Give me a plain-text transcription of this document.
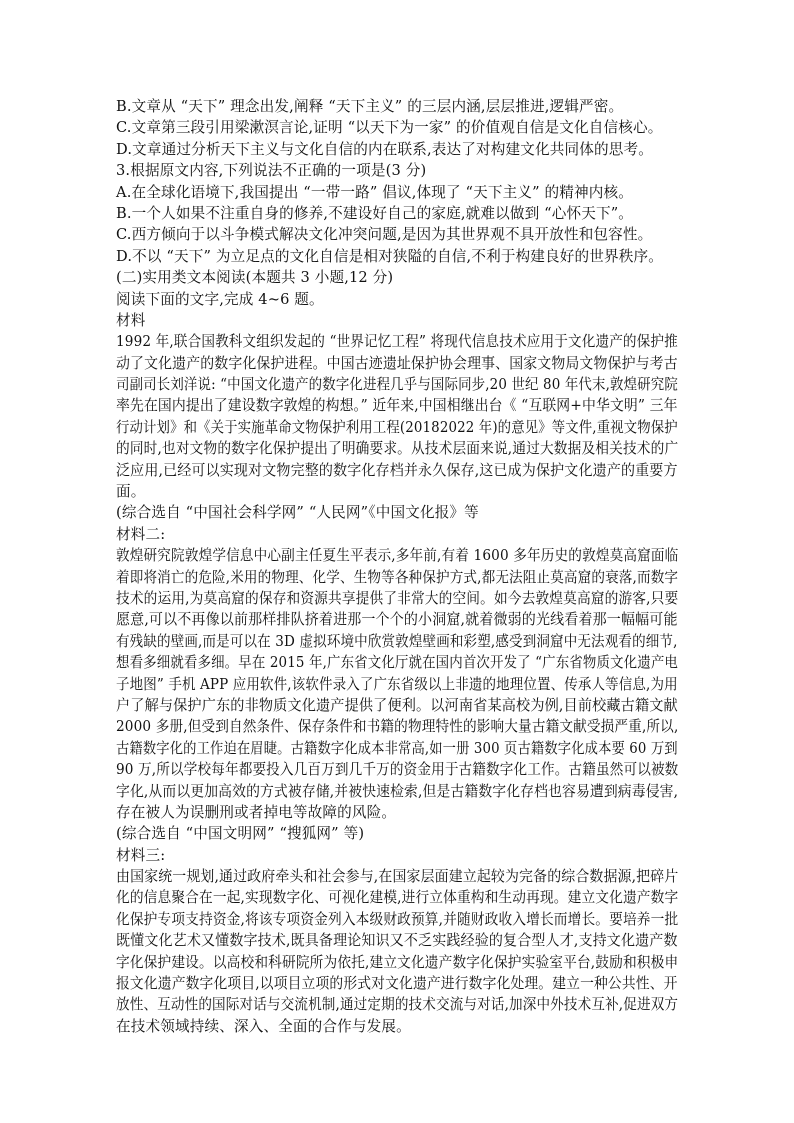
B.文章从 “天下” 理念出发,阐释 “天下主义” 的三层内涵,层层推进,逻辑严密。
C.文章第三段引用梁漱溟言论,证明 “以天下为一家” 的价值观自信是文化自信核心。
D.文章通过分析天下主义与文化自信的内在联系,表达了对构建文化共同体的思考。
3.根据原文内容,下列说法不正确的一项是(3 分)
A.在全球化语境下,我国提出 “一带一路” 倡议,体现了 “天下主义” 的精神内核。
B.一个人如果不注重自身的修养,不建设好自己的家庭,就难以做到 “心怀天下”。
C.西方倾向于以斗争模式解决文化冲突问题,是因为其世界观不具开放性和包容性。
D.不以 “天下” 为立足点的文化自信是相对狭隘的自信,不利于构建良好的世界秩序。
(二)实用类文本阅读(本题共 3 小题,12 分)
阅读下面的文字,完成 4~6 题。
材料
1992 年,联合国教科文组织发起的 “世界记忆工程” 将现代信息技术应用于文化遗产的保护推
动了文化遗产的数字化保护进程。中国古迹遗址保护协会理事、国家文物局文物保护与考古
司副司长刘洋说: “中国文化遗产的数字化进程几乎与国际同步,20 世纪 80 年代末,敦煌研究院
率先在国内提出了建设数字敦煌的构想。” 近年来,中国相继出台《 “互联网+中华文明” 三年
行动计划》和《关于实施革命文物保护利用工程(20182022 年)的意见》等文件,重视文物保护
的同时,也对文物的数字化保护提出了明确要求。从技术层面来说,通过大数据及相关技术的广
泛应用,已经可以实现对文物完整的数字化存档并永久保存,这已成为保护文化遗产的重要方
面。
(综合选自 “中国社会科学网” “人民网”《中国文化报》等
材料二:
敦煌研究院敦煌学信息中心副主任夏生平表示,多年前,有着 1600 多年历史的敦煌莫高窟面临
着即将消亡的危险,米用的物理、化学、生物等各种保护方式,都无法阻止莫高窟的衰落,而数字
技术的运用,为莫高窟的保存和资源共享提供了非常大的空间。如今去敦煌莫高窟的游客,只要
愿意,可以不再像以前那样排队挤着进那一个个的小洞窟,就着微弱的光线看着那一幅幅可能
有残缺的壁画,而是可以在 3D 虚拟环境中欣赏敦煌壁画和彩塑,感受到洞窟中无法观看的细节,
想看多细就看多细。早在 2015 年,广东省文化厅就在国内首次开发了 “广东省物质文化遗产电
子地图” 手机 APP 应用软件,该软件录入了广东省级以上非遗的地理位置、传承人等信息,为用
户了解与保护广东的非物质文化遗产提供了便利。以河南省某高校为例,目前校藏古籍文献
2000 多册,但受到自然条件、保存条件和书籍的物理特性的影响大量古籍文献受损严重,所以,
古籍数字化的工作迫在眉睫。古籍数字化成本非常高,如一册 300 页古籍数字化成本要 60 万到
90 万,所以学校每年都要投入几百万到几千万的资金用于古籍数字化工作。古籍虽然可以被数
字化,从而以更加高效的方式被存储,并被快速检索,但是古籍数字化存档也容易遭到病毒侵害,
存在被人为误删刑或者掉电等故障的风险。
(综合选自 “中国文明网” “搜狐网” 等)
材料三:
由国家统一规划,通过政府牵头和社会参与,在国家层面建立起较为完备的综合数据源,把碎片
化的信息聚合在一起,实现数字化、可视化建模,进行立体重构和生动再现。建立文化遗产数字
化保护专项支持资金,将该专项资金列入本级财政预算,并随财政收入增长而增长。要培养一批
既懂文化艺术又懂数字技术,既具备理论知识又不乏实践经验的复合型人才,支持文化遗产数
字化保护建设。以高校和科研院所为依托,建立文化遗产数字化保护实验室平台,鼓励和积极申
报文化遗产数字化项目,以项目立项的形式对文化遗产进行数字化处理。建立一种公共性、开
放性、互动性的国际对话与交流机制,通过定期的技术交流与对话,加深中外技术互补,促进双方
在技术领域持续、深入、全面的合作与发展。
